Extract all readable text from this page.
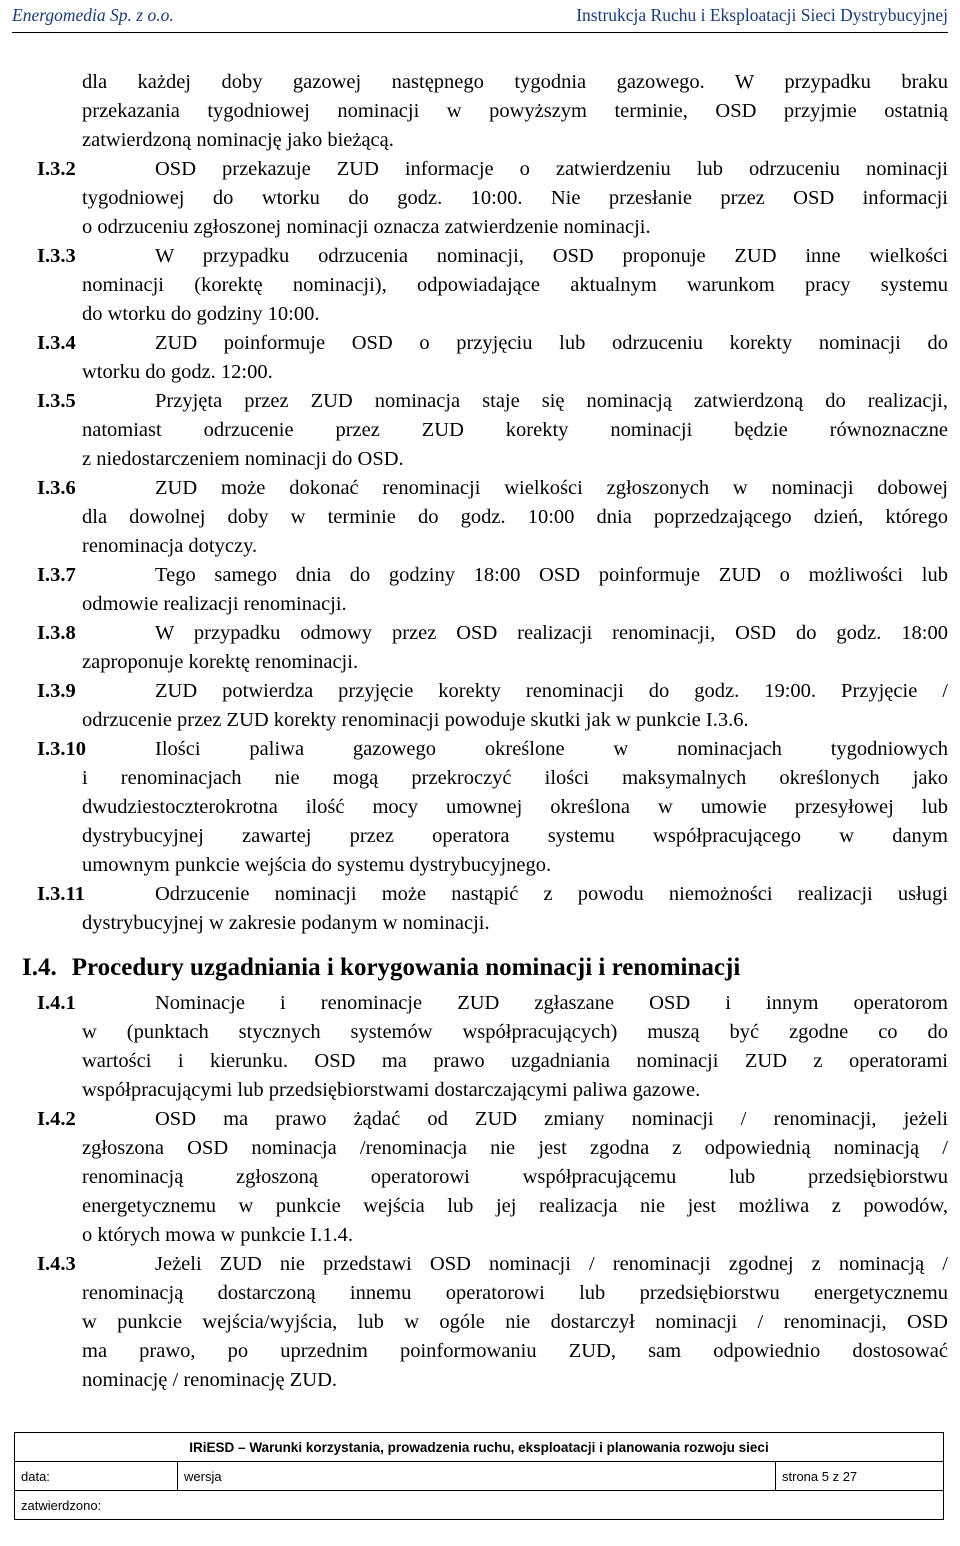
Energomedia Sp. z o.o.	Instrukcja Ruchu i Eksploatacji Sieci Dystrybucyjnej
dla każdej doby gazowej następnego tygodnia gazowego. W przypadku braku
przekazania tygodniowej nominacji w powyższym terminie, OSD przyjmie ostatnią
zatwierdzoną nominację jako bieżącą.
I.3.2	OSD przekazuje ZUD informacje o zatwierdzeniu lub odrzuceniu nominacji
tygodniowej do wtorku do godz. 10:00. Nie przesłanie przez OSD informacji
o odrzuceniu zgłoszonej nominacji oznacza zatwierdzenie nominacji.
I.3.3	W przypadku odrzucenia nominacji, OSD proponuje ZUD inne wielkości
nominacji (korektę nominacji), odpowiadające aktualnym warunkom pracy systemu
do wtorku do godziny 10:00.
I.3.4	ZUD poinformuje OSD o przyjęciu lub odrzuceniu korekty nominacji do
wtorku do godz. 12:00.
I.3.5	Przyjęta przez ZUD nominacja staje się nominacją zatwierdzoną do realizacji,
natomiast odrzucenie przez ZUD korekty nominacji będzie równoznaczne
z niedostarczeniem nominacji do OSD.
I.3.6	ZUD może dokonać renominacji wielkości zgłoszonych w nominacji dobowej
dla dowolnej doby w terminie do godz. 10:00 dnia poprzedzającego dzień, którego
renominacja dotyczy.
I.3.7	Tego samego dnia do godziny 18:00 OSD poinformuje ZUD o możliwości lub
odmowie realizacji renominacji.
I.3.8	W przypadku odmowy przez OSD realizacji renominacji, OSD do godz. 18:00
zaproponuje korektę renominacji.
I.3.9	ZUD potwierdza przyjęcie korekty renominacji do godz. 19:00. Przyjęcie /
odrzucenie przez ZUD korekty renominacji powoduje skutki jak w punkcie I.3.6.
I.3.10	Ilości paliwa gazowego określone w nominacjach tygodniowych
i renominacjach nie mogą przekroczyć ilości maksymalnych określonych jako
dwudziestoczterokrotna ilość mocy umownej określona w umowie przesyłowej lub
dystrybucyjnej zawartej przez operatora systemu współpracującego w danym
umownym punkcie wejścia do systemu dystrybucyjnego.
I.3.11	Odrzucenie nominacji może nastąpić z powodu niemożności realizacji usługi
dystrybucyjnej w zakresie podanym w nominacji.
I.4. Procedury uzgadniania i korygowania nominacji i renominacji
I.4.1	Nominacje i renominacje ZUD zgłaszane OSD i innym operatorom
w (punktach stycznych systemów współpracujących) muszą być zgodne co do
wartości i kierunku. OSD ma prawo uzgadniania nominacji ZUD z operatorami
współpracującymi lub przedsiębiorstwami dostarczającymi paliwa gazowe.
I.4.2	OSD ma prawo żądać od ZUD zmiany nominacji / renominacji, jeżeli
zgłoszona OSD nominacja /renominacja nie jest zgodna z odpowiednią nominacją /
renominacją zgłoszoną operatorowi współpracującemu lub przedsiębiorstwu
energetycznemu w punkcie wejścia lub jej realizacja nie jest możliwa z powodów,
o których mowa w punkcie I.1.4.
I.4.3	Jeżeli ZUD nie przedstawi OSD nominacji / renominacji zgodnej z nominacją /
renominacją dostarczoną innemu operatorowi lub przedsiębiorstwu energetycznemu
w punkcie wejścia/wyjścia, lub w ogóle nie dostarczył nominacji / renominacji, OSD
ma prawo, po uprzednim poinformowaniu ZUD, sam odpowiednio dostosować
nominację / renominację ZUD.
IRiESD – Warunki korzystania, prowadzenia ruchu, eksploatacji i planowania rozwoju sieci
data:	wersja	strona 5 z 27
zatwierdzono:
